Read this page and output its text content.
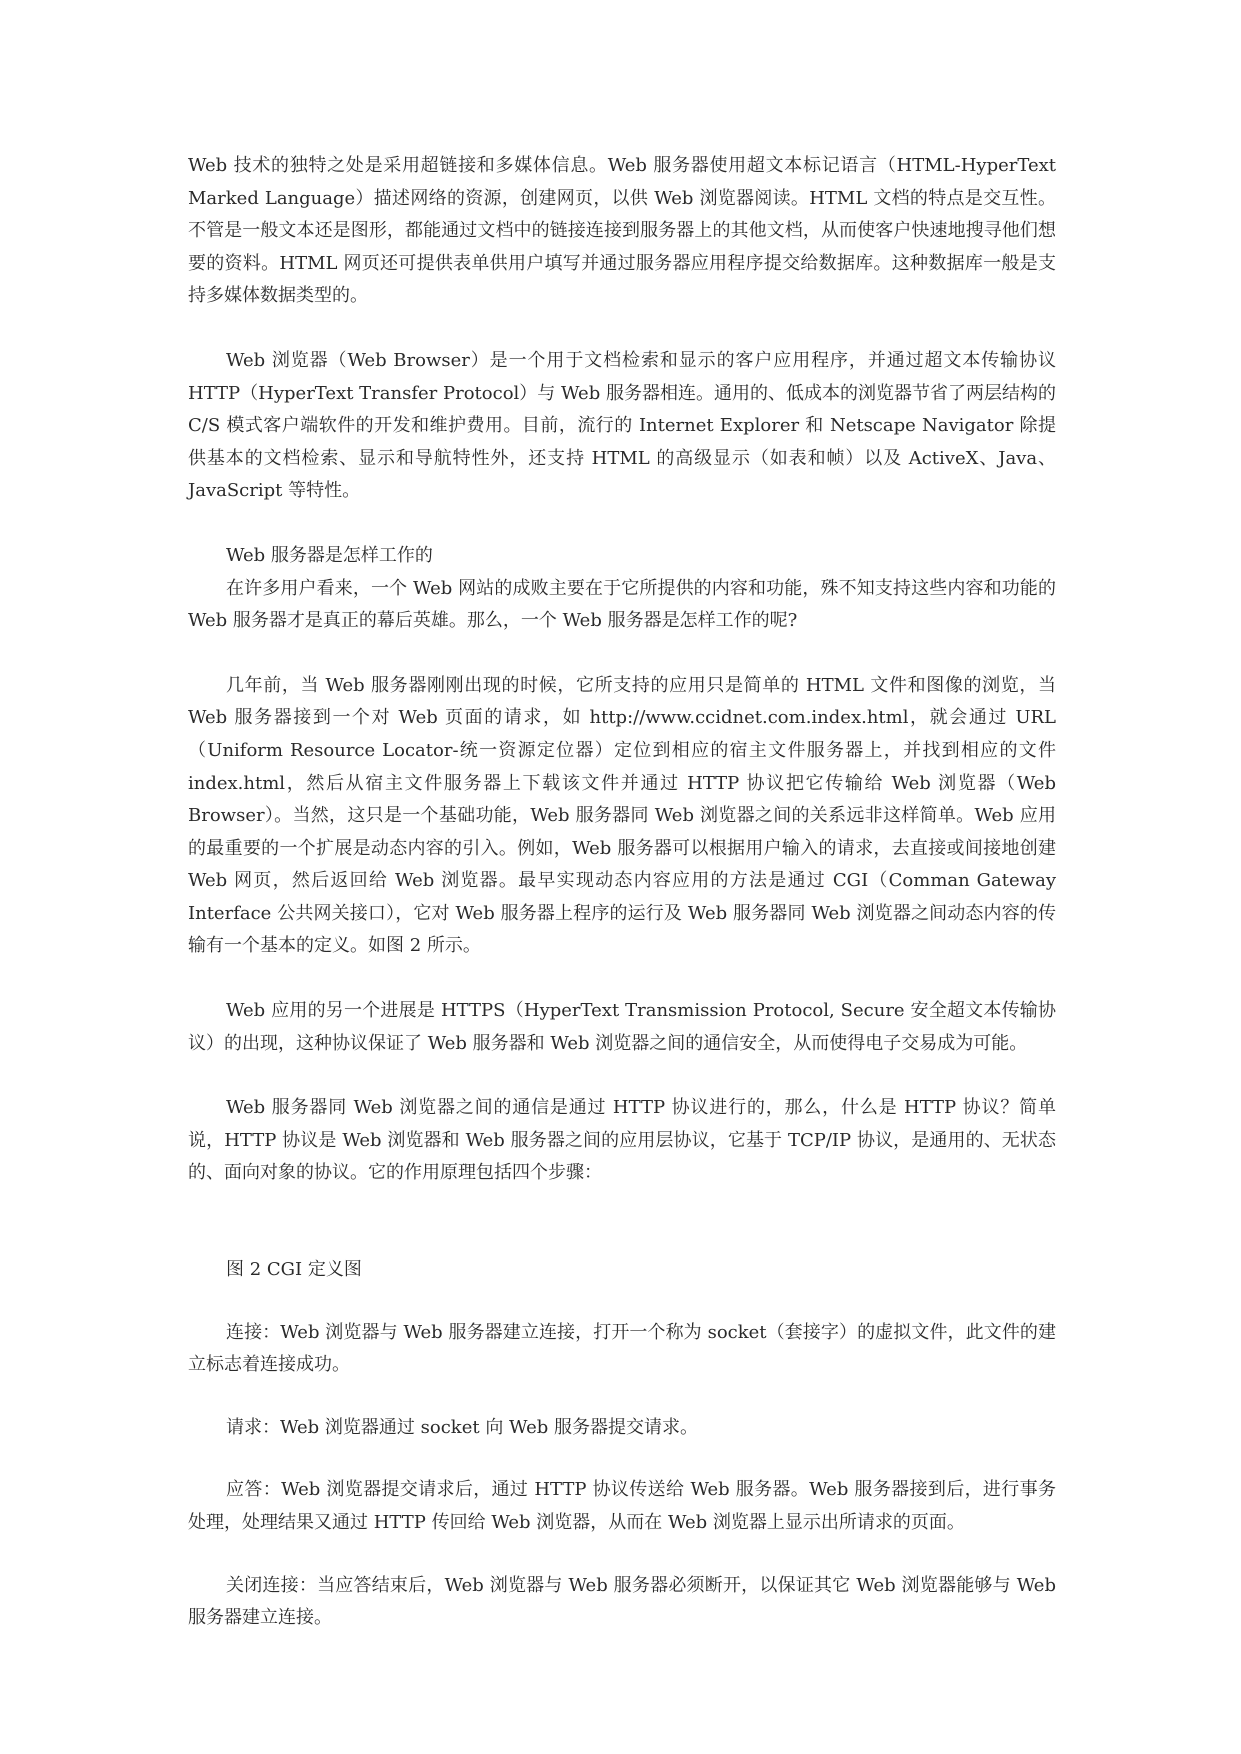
Web 技术的独特之处是采用超链接和多媒体信息。Web 服务器使用超文本标记语言（HTML-HyperText Marked Language）描述网络的资源，创建网页，以供 Web 浏览器阅读。HTML 文档的特点是交互性。不管是一般文本还是图形，都能通过文档中的链接连接到服务器上的其他文档，从而使客户快速地搜寻他们想要的资料。HTML 网页还可提供表单供用户填写并通过服务器应用程序提交给数据库。这种数据库一般是支持多媒体数据类型的。

Web 浏览器（Web Browser）是一个用于文档检索和显示的客户应用程序，并通过超文本传输协议 HTTP（HyperText Transfer Protocol）与 Web 服务器相连。通用的、低成本的浏览器节省了两层结构的 C/S 模式客户端软件的开发和维护费用。目前，流行的 Internet Explorer 和 Netscape Navigator 除提供基本的文档检索、显示和导航特性外，还支持 HTML 的高级显示（如表和帧）以及 ActiveX、Java、JavaScript 等特性。

Web 服务器是怎样工作的

在许多用户看来，一个 Web 网站的成败主要在于它所提供的内容和功能，殊不知支持这些内容和功能的 Web 服务器才是真正的幕后英雄。那么，一个 Web 服务器是怎样工作的呢?

几年前，当 Web 服务器刚刚出现的时候，它所支持的应用只是简单的 HTML 文件和图像的浏览，当 Web 服务器接到一个对 Web 页面的请求，如 http://www.ccidnet.com.index.html，就会通过 URL（Uniform Resource Locator-统一资源定位器）定位到相应的宿主文件服务器上，并找到相应的文件 index.html，然后从宿主文件服务器上下载该文件并通过 HTTP 协议把它传输给 Web 浏览器（Web Browser）。当然，这只是一个基础功能，Web 服务器同 Web 浏览器之间的关系远非这样简单。Web 应用的最重要的一个扩展是动态内容的引入。例如，Web 服务器可以根据用户输入的请求，去直接或间接地创建 Web 网页，然后返回给 Web 浏览器。最早实现动态内容应用的方法是通过 CGI（Comman Gateway Interface 公共网关接口），它对 Web 服务器上程序的运行及 Web 服务器同 Web 浏览器之间动态内容的传输有一个基本的定义。如图 2 所示。

Web 应用的另一个进展是 HTTPS（HyperText Transmission Protocol, Secure 安全超文本传输协议）的出现，这种协议保证了 Web 服务器和 Web 浏览器之间的通信安全，从而使得电子交易成为可能。

Web 服务器同 Web 浏览器之间的通信是通过 HTTP 协议进行的，那么，什么是 HTTP 协议？简单说，HTTP 协议是 Web 浏览器和 Web 服务器之间的应用层协议，它基于 TCP/IP 协议，是通用的、无状态的、面向对象的协议。它的作用原理包括四个步骤：

图 2 CGI 定义图

连接：Web 浏览器与 Web 服务器建立连接，打开一个称为 socket（套接字）的虚拟文件，此文件的建立标志着连接成功。

请求：Web 浏览器通过 socket 向 Web 服务器提交请求。

应答：Web 浏览器提交请求后，通过 HTTP 协议传送给 Web 服务器。Web 服务器接到后，进行事务处理，处理结果又通过 HTTP 传回给 Web 浏览器，从而在 Web 浏览器上显示出所请求的页面。

关闭连接：当应答结束后，Web 浏览器与 Web 服务器必须断开，以保证其它 Web 浏览器能够与 Web 服务器建立连接。
